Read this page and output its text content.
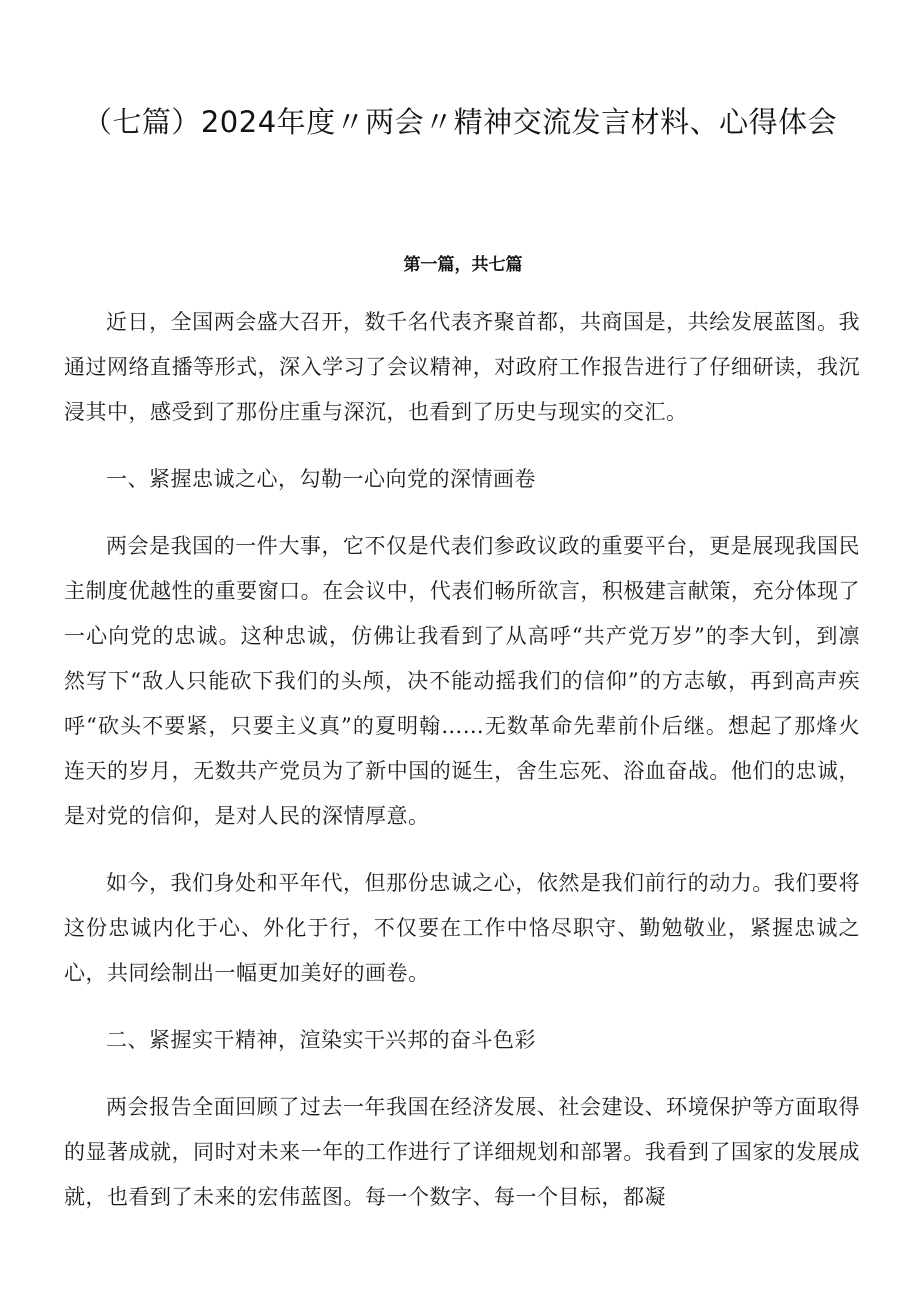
（七篇）2024年度〃两会〃精神交流发言材料、心得体会
第一篇，共七篇

近日，全国两会盛大召开，数千名代表齐聚首都，共商国是，共绘发展蓝图。我通过网络直播等形式，深入学习了会议精神，对政府工作报告进行了仔细研读，我沉浸其中，感受到了那份庄重与深沉，也看到了历史与现实的交汇。

一、紧握忠诚之心，勾勒一心向党的深情画卷

两会是我国的一件大事，它不仅是代表们参政议政的重要平台，更是展现我国民主制度优越性的重要窗口。在会议中，代表们畅所欲言，积极建言献策，充分体现了一心向党的忠诚。这种忠诚，仿佛让我看到了从高呼“共产党万岁”的李大钊，到凛然写下“敌人只能砍下我们的头颅，决不能动摇我们的信仰”的方志敏，再到高声疾呼“砍头不要紧，只要主义真”的夏明翰……无数革命先辈前仆后继。想起了那烽火连天的岁月，无数共产党员为了新中国的诞生，舍生忘死、浴血奋战。他们的忠诚，是对党的信仰，是对人民的深情厚意。

如今，我们身处和平年代，但那份忠诚之心，依然是我们前行的动力。我们要将这份忠诚内化于心、外化于行，不仅要在工作中恪尽职守、勤勉敬业，紧握忠诚之心，共同绘制出一幅更加美好的画卷。

二、紧握实干精神，渲染实干兴邦的奋斗色彩

两会报告全面回顾了过去一年我国在经济发展、社会建设、环境保护等方面取得的显著成就，同时对未来一年的工作进行了详细规划和部署。我看到了国家的发展成就，也看到了未来的宏伟蓝图。每一个数字、每一个目标，都凝
